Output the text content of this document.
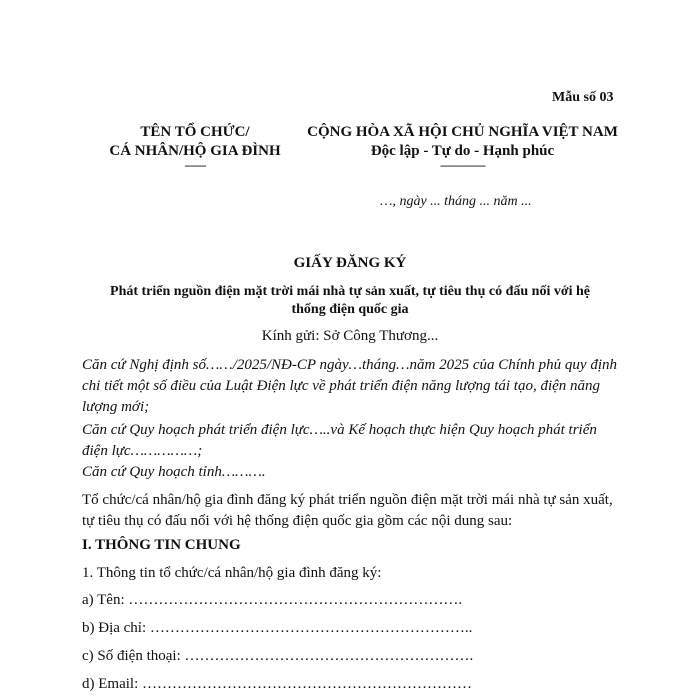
Mẫu số 03
TÊN TỔ CHỨC/
CÁ NHÂN/HỘ GIA ĐÌNH
-------
CỘNG HÒA XÃ HỘI CHỦ NGHĨA VIỆT NAM
Độc lập - Tự do - Hạnh phúc
---------------
…, ngày ... tháng ... năm ...
GIẤY ĐĂNG KÝ
Phát triển nguồn điện mặt trời mái nhà tự sản xuất, tự tiêu thụ có đấu nối với hệ
thống điện quốc gia
Kính gửi: Sở Công Thương...
Căn cứ Nghị định số……/2025/NĐ-CP ngày…tháng…năm 2025 của Chính phủ quy định
chi tiết một số điều của Luật Điện lực về phát triển điện năng lượng tái tạo, điện năng
lượng mới;
Căn cứ Quy hoạch phát triển điện lực…..và Kế hoạch thực hiện Quy hoạch phát triển
điện lực……………;
Căn cứ Quy hoạch tỉnh……….
Tổ chức/cá nhân/hộ gia đình đăng ký phát triển nguồn điện mặt trời mái nhà tự sản xuất,
tự tiêu thụ có đấu nối với hệ thống điện quốc gia gồm các nội dung sau:
I. THÔNG TIN CHUNG
1. Thông tin tổ chức/cá nhân/hộ gia đình đăng ký:
a) Tên: ………………………………………………………….
b) Địa chỉ: ………………………………………………………..
c) Số điện thoại: ………………………………………………….
d) Email: …………………………………………………………
